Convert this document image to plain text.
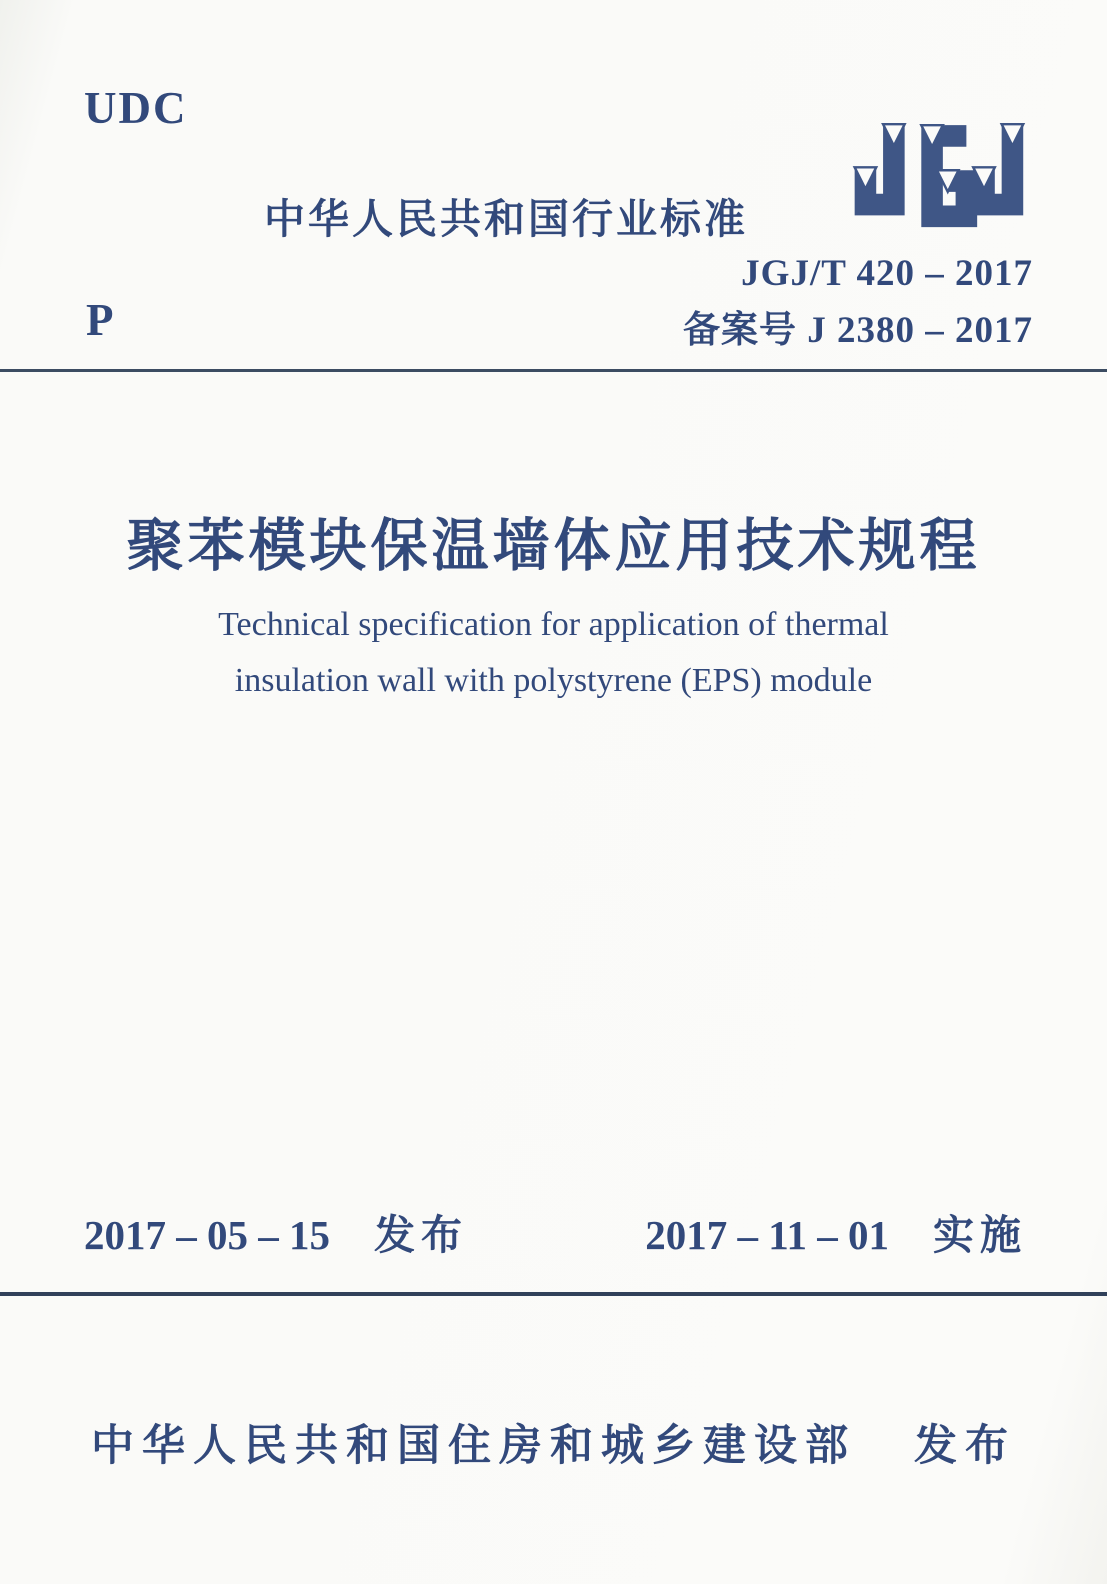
UDC
中华人民共和国行业标准
JGJ/T 420 – 2017
备案号 J 2380 – 2017
P
聚苯模块保温墙体应用技术规程
Technical specification for application of thermal
insulation wall with polystyrene (EPS) module
2017 – 05 – 15 发布	2017 – 11 – 01 实施
中华人民共和国住房和城乡建设部 发布
